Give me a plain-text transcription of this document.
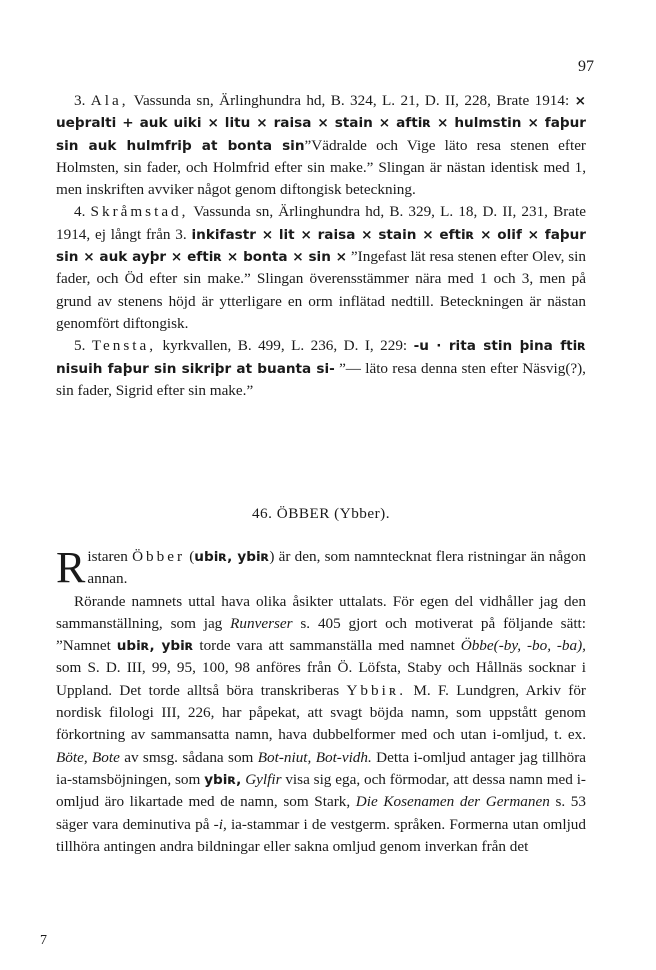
97

3. Ala, Vassunda sn, Ärlinghundra hd, B. 324, L. 21, D. II, 228, Brate 1914: × ueþralti + auk uiki × litu × raisa × stain × aftiʀ × hulmstin × faþur sin auk hulmfriþ at bonta sin”Vädralde och Vige läto resa stenen efter Holmsten, sin fader, och Holmfrid efter sin make.” Slingan är nästan identisk med 1, men inskriften avviker något genom diftongisk beteckning.

4. Skråmstad, Vassunda sn, Ärlinghundra hd, B. 329, L. 18, D. II, 231, Brate 1914, ej långt från 3. inkifastr × lit × raisa × stain × eftiʀ × olif × faþur sin × auk ayþr × eftiʀ × bonta × sin × ”Ingefast lät resa stenen efter Olev, sin fader, och Öd efter sin make.” Slingan överensstämmer nära med 1 och 3, men på grund av stenens höjd är ytterligare en orm inflätad nedtill. Beteckningen är nästan genomfört diftongisk.

5. Tensta, kyrkvallen, B. 499, L. 236, D. I, 229: -u · rita stin þina ftiʀ nisuih faþur sin sikriþr at buanta si- ”— läto resa denna sten efter Näsvig(?), sin fader, Sigrid efter sin make.”

46. ÖBBER (Ybber).

Ristaren Öbber (ubiʀ, ybiʀ) är den, som namntecknat flera ristningar än någon annan.

Rörande namnets uttal hava olika åsikter uttalats. För egen del vidhåller jag den sammanställning, som jag Runverser s. 405 gjort och motiverat på följande sätt: ”Namnet ubiʀ, ybiʀ torde vara att sammanställa med namnet Öbbe(-by, -bo, -ba), som S. D. III, 99, 95, 100, 98 anföres från Ö. Löfsta, Staby och Hållnäs socknar i Uppland. Det torde alltså böra transkriberas Ybbiʀ. M. F. Lundgren, Arkiv för nordisk filologi III, 226, har påpekat, att svagt böjda namn, som uppstått genom förkortning av sammansatta namn, hava dubbelformer med och utan i-omljud, t. ex. Böte, Bote av smsg. sådana som Bot-niut, Bot-vidh. Detta i-omljud antager jag tillhöra ia-stamsböjningen, som ybiʀ, Gylfir visa sig ega, och förmodar, att dessa namn med i-omljud äro likartade med de namn, som Stark, Die Kosenamen der Germanen s. 53 säger vara deminutiva på -i, ia-stammar i de vestgerm. språken. Formerna utan omljud tillhöra antingen andra bildningar eller sakna omljud genom inverkan från det

7
